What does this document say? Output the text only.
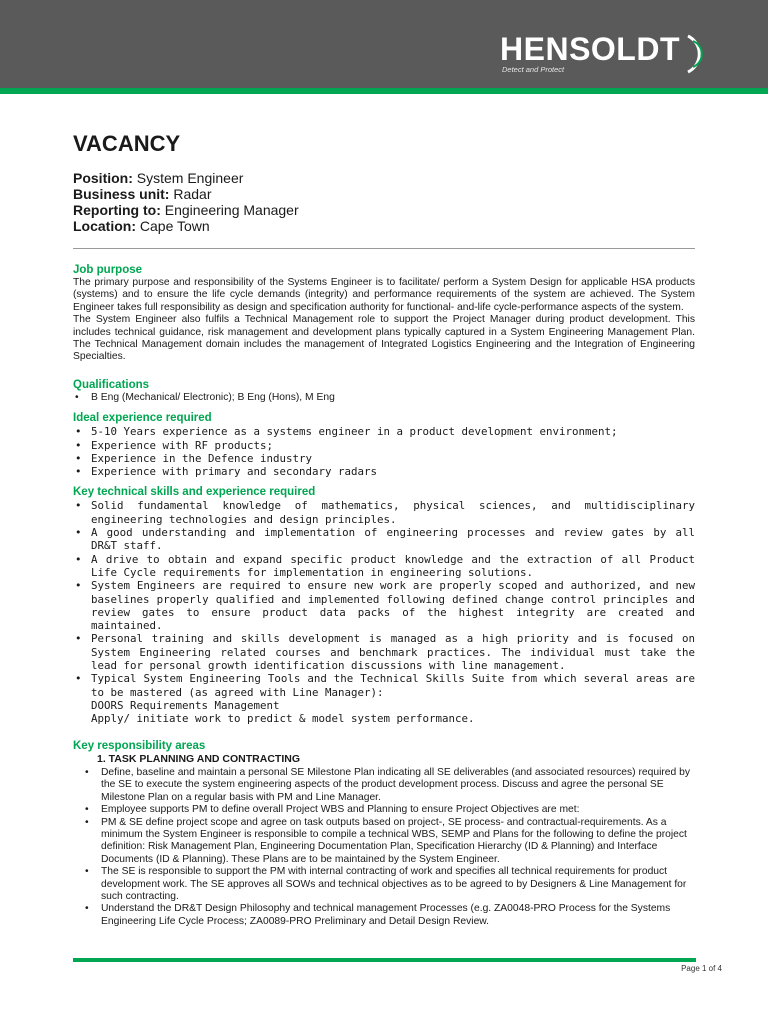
HENSOLDT
Detect and Protect
VACANCY
Position: System Engineer
Business unit: Radar
Reporting to: Engineering Manager
Location: Cape Town
Job purpose

The primary purpose and responsibility of the Systems Engineer is to facilitate/ perform a System Design for applicable HSA products (systems) and to ensure the life cycle demands (integrity) and performance requirements of the system are achieved. The System Engineer takes full responsibility as design and specification authority for functional- and-life cycle-performance aspects of the system.

The System Engineer also fulfils a Technical Management role to support the Project Manager during product development. This includes technical guidance, risk management and development plans typically captured in a System Engineering Management Plan. The Technical Management domain includes the management of Integrated Logistics Engineering and the Integration of Engineering Specialties.

Qualifications
• B Eng (Mechanical/ Electronic); B Eng (Hons), M Eng
Ideal experience required
• 5-10 Years experience as a systems engineer in a product development environment;
• Experience with RF products;
• Experience in the Defence industry
• Experience with primary and secondary radars
Key technical skills and experience required
• Solid fundamental knowledge of mathematics, physical sciences, and multidisciplinary engineering technologies and design principles.
• A good understanding and implementation of engineering processes and review gates by all DR&T staff.
• A drive to obtain and expand specific product knowledge and the extraction of all Product Life Cycle requirements for implementation in engineering solutions.
• System Engineers are required to ensure new work are properly scoped and authorized, and new baselines properly qualified and implemented following defined change control principles and review gates to ensure product data packs of the highest integrity are created and maintained.
• Personal training and skills development is managed as a high priority and is focused on System Engineering related courses and benchmark practices. The individual must take the lead for personal growth identification discussions with line management.
• Typical System Engineering Tools and the Technical Skills Suite from which several areas are to be mastered (as agreed with Line Manager):
DOORS Requirements Management
Apply/ initiate work to predict & model system performance.
Key responsibility areas
1. TASK PLANNING AND CONTRACTING
• Define, baseline and maintain a personal SE Milestone Plan indicating all SE deliverables (and associated resources) required by the SE to execute the system engineering aspects of the product development process. Discuss and agree the personal SE Milestone Plan on a regular basis with PM and Line Manager.
• Employee supports PM to define overall Project WBS and Planning to ensure Project Objectives are met:
• PM & SE define project scope and agree on task outputs based on project-, SE process- and contractual-requirements. As a minimum the System Engineer is responsible to compile a technical WBS, SEMP and Plans for the following to define the project definition: Risk Management Plan, Engineering Documentation Plan, Specification Hierarchy (ID & Planning) and Interface Documents (ID & Planning). These Plans are to be maintained by the System Engineer.
• The SE is responsible to support the PM with internal contracting of work and specifies all technical requirements for product development work. The SE approves all SOWs and technical objectives as to be agreed to by Designers & Line Management for such contracting.
• Understand the DR&T Design Philosophy and technical management Processes (e.g. ZA0048-PRO Process for the Systems Engineering Life Cycle Process; ZA0089-PRO Preliminary and Detail Design Review.
Page 1 of 4
